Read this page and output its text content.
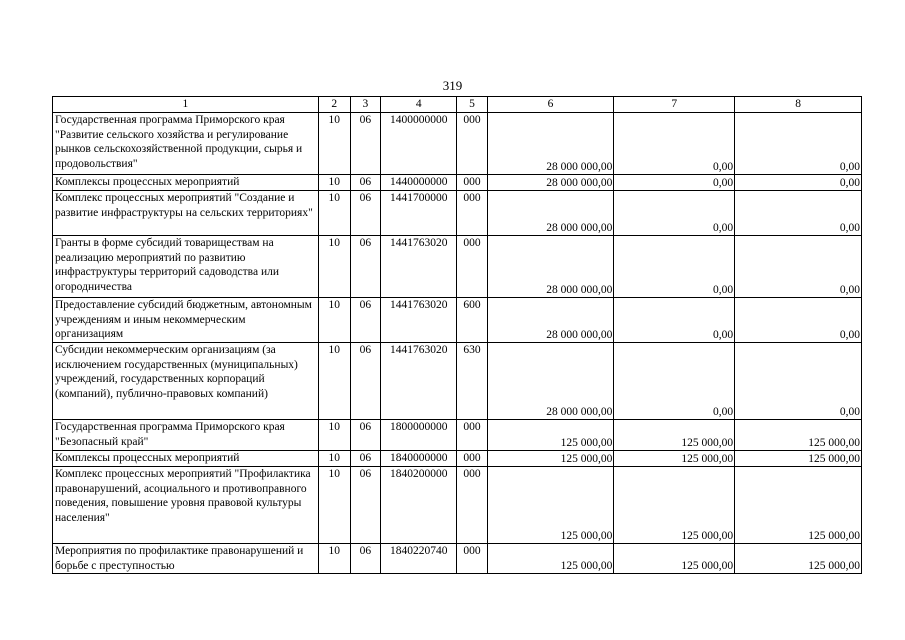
319
1	2	3	4	5	6	7	8
Государственная программа Приморского края "Развитие сельского хозяйства и регулирование рынков сельскохозяйственной продукции, сырья и продовольствия"	10	06	1400000000	000	28 000 000,00	0,00	0,00
Комплексы процессных мероприятий	10	06	1440000000	000	28 000 000,00	0,00	0,00
Комплекс процессных мероприятий "Создание и развитие инфраструктуры на сельских территориях"	10	06	1441700000	000	28 000 000,00	0,00	0,00
Гранты в форме субсидий товариществам на реализацию мероприятий по развитию инфраструктуры территорий садоводства или огородничества	10	06	1441763020	000	28 000 000,00	0,00	0,00
Предоставление субсидий бюджетным, автономным учреждениям и иным некоммерческим организациям	10	06	1441763020	600	28 000 000,00	0,00	0,00
Субсидии некоммерческим организациям (за исключением государственных (муниципальных) учреждений, государственных корпораций (компаний), публично-правовых компаний)	10	06	1441763020	630	28 000 000,00	0,00	0,00
Государственная программа Приморского края "Безопасный край"	10	06	1800000000	000	125 000,00	125 000,00	125 000,00
Комплексы процессных мероприятий	10	06	1840000000	000	125 000,00	125 000,00	125 000,00
Комплекс процессных мероприятий "Профилактика правонарушений, асоциального и противоправного поведения, повышение уровня правовой культуры населения"	10	06	1840200000	000	125 000,00	125 000,00	125 000,00
Мероприятия по профилактике правонарушений и борьбе с преступностью	10	06	1840220740	000	125 000,00	125 000,00	125 000,00
